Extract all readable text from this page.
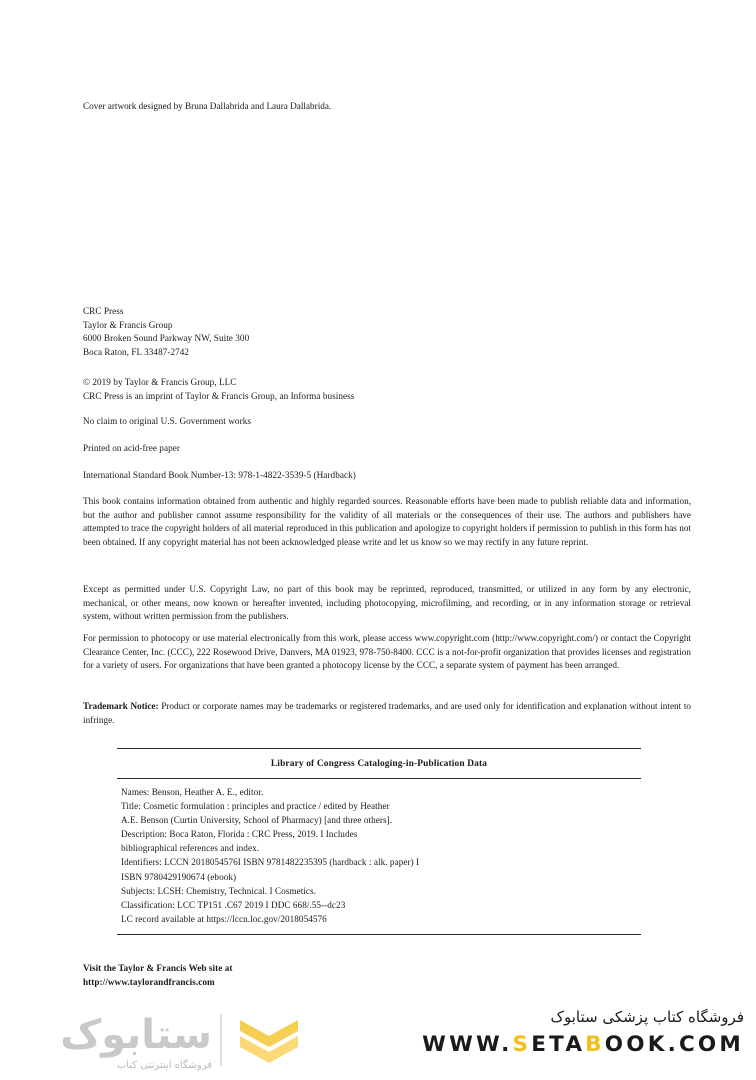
Cover artwork designed by Bruna Dallabrida and Laura Dallabrida.
CRC Press
Taylor & Francis Group
6000 Broken Sound Parkway NW, Suite 300
Boca Raton, FL 33487-2742
© 2019 by Taylor & Francis Group, LLC
CRC Press is an imprint of Taylor & Francis Group, an Informa business
No claim to original U.S. Government works
Printed on acid-free paper
International Standard Book Number-13: 978-1-4822-3539-5 (Hardback)

This book contains information obtained from authentic and highly regarded sources. Reasonable efforts have been made to publish reliable data and information, but the author and publisher cannot assume responsibility for the validity of all materials or the consequences of their use. The authors and publishers have attempted to trace the copyright holders of all material reproduced in this publication and apologize to copyright holders if permission to publish in this form has not been obtained. If any copyright material has not been acknowledged please write and let us know so we may rectify in any future reprint.

Except as permitted under U.S. Copyright Law, no part of this book may be reprinted, reproduced, transmitted, or utilized in any form by any electronic, mechanical, or other means, now known or hereafter invented, including photocopying, microfilming, and recording, or in any information storage or retrieval system, without written permission from the publishers.

For permission to photocopy or use material electronically from this work, please access www.copyright.com (http://www.copyright.com/) or contact the Copyright Clearance Center, Inc. (CCC), 222 Rosewood Drive, Danvers, MA 01923, 978-750-8400. CCC is a not-for-profit organization that provides licenses and registration for a variety of users. For organizations that have been granted a photocopy license by the CCC, a separate system of payment has been arranged.

Trademark Notice: Product or corporate names may be trademarks or registered trademarks, and are used only for identification and explanation without intent to infringe.

Library of Congress Cataloging-in-Publication Data
Names: Benson, Heather A. E., editor.
Title: Cosmetic formulation : principles and practice / edited by Heather
A.E. Benson (Curtin University, School of Pharmacy) [and three others].
Description: Boca Raton, Florida : CRC Press, 2019. I Includes
bibliographical references and index.
Identifiers: LCCN 2018054576I ISBN 9781482235395 (hardback : alk. paper) I
ISBN 9780429190674 (ebook)
Subjects: LCSH: Chemistry, Technical. I Cosmetics.
Classification: LCC TP151 .C67 2019 I DDC 668/.55--dc23
LC record available at https://lccn.loc.gov/2018054576
Visit the Taylor & Francis Web site at
http://www.taylorandfrancis.com
ستابوک
فروشگاه اینترنتی کتاب
فروشگاه کتاب پزشکی ستابوک
WWW.SETABOOK.COM
